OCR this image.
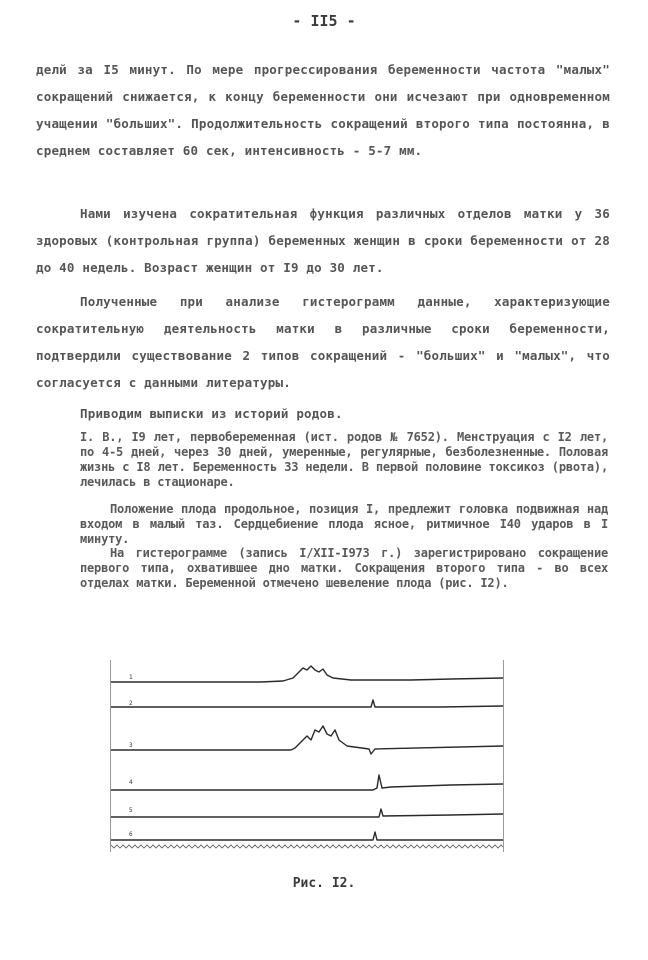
- II5 -

делй за I5 минут. По мере прогрессирования беременности частота "малых" сокращений снижается, к концу беременности они исчезают при одновременном учащении "больших". Продолжительность сокращений второго типа постоянна, в среднем составляет 60 сек, интенсивность - 5-7 мм.

Нами изучена сократительная функция различных отделов матки у 36 здоровых (контрольная группа) беременных женщин в сроки беременности от 28 до 40 недель. Возраст женщин от I9 до 30 лет.

Полученные при анализе гистерограмм данные, характеризующие сократительную деятельность матки в различные сроки беременности, подтвердили существование 2 типов сокращений - "больших" и "малых", что согласуется с данными литературы.

Приводим выписки из историй родов.

I. В., I9 лет, первобеременная (ист. родов № 7652). Менструация с I2 лет, по 4-5 дней, через 30 дней, умеренные, регулярные, безболезненные. Половая жизнь с I8 лет. Беременность 33 недели. В первой половине токсикоз (рвота), лечилась в стационаре.

Положение плода продольное, позиция I, предлежит головка подвижная над входом в малый таз. Сердцебиение плода ясное, ритмичное I40 ударов в I минуту.

На гистерограмме (запись I/XII-I973 г.) зарегистрировано сокращение первого типа, охватившее дно матки. Сокращения второго типа - во всех отделах матки. Беременной отмечено шевеление плода (рис. I2).

1
2
3
4
5
6
Рис. I2.
